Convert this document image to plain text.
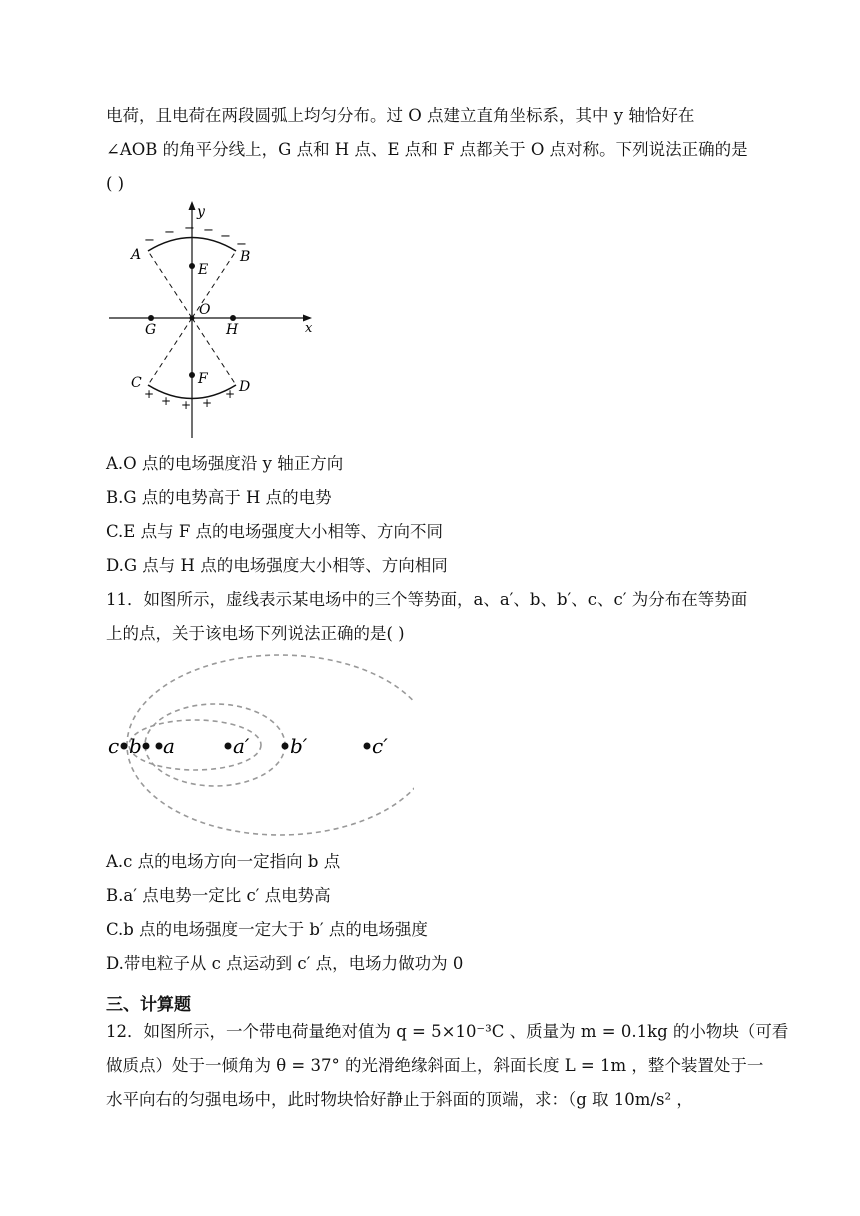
电荷，且电荷在两段圆弧上均匀分布。过 O 点建立直角坐标系，其中 y 轴恰好在
∠AOB 的角平分线上，G 点和 H 点、E 点和 F 点都关于 O 点对称。下列说法正确的是
( )
y
x
−
− − − −
−
+ + + +
+
A	B
C	D
E
F
G	H
O
A.O 点的电场强度沿 y 轴正方向
B.G 点的电势高于 H 点的电势
C.E 点与 F 点的电场强度大小相等、方向不同
D.G 点与 H 点的电场强度大小相等、方向相同
11．如图所示，虚线表示某电场中的三个等势面，a、a′、b、b′、c、c′ 为分布在等势面
上的点，关于该电场下列说法正确的是( )
c b a	a′ b′	c′
A.c 点的电场方向一定指向 b 点
B.a′ 点电势一定比 c′ 点电势高
C.b 点的电场强度一定大于 b′ 点的电场强度
D.带电粒子从 c 点运动到 c′ 点，电场力做功为 0
三、计算题
12．如图所示，一个带电荷量绝对值为 q = 5×10⁻³C 、质量为 m = 0.1kg 的小物块（可看
做质点）处于一倾角为 θ = 37° 的光滑绝缘斜面上，斜面长度 L = 1m ，整个装置处于一
水平向右的匀强电场中，此时物块恰好静止于斜面的顶端，求：（g 取 10m/s² ，
